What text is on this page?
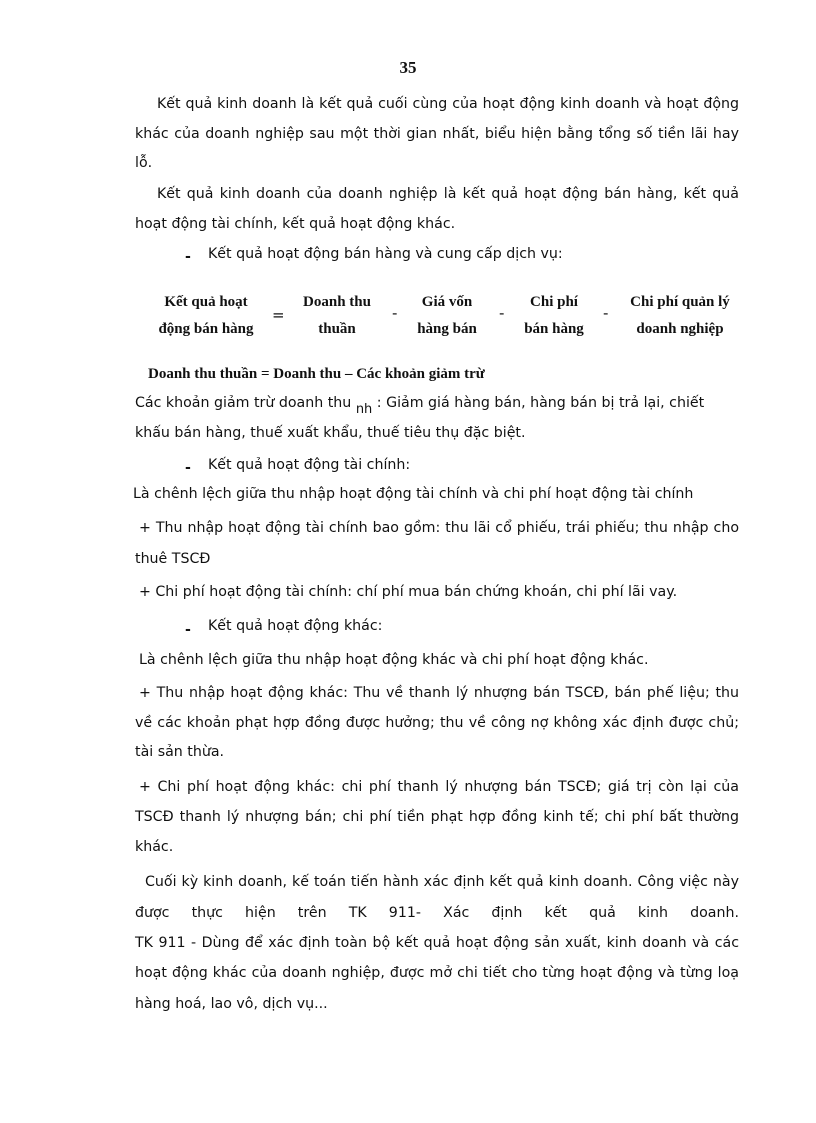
35
Kết quả kinh doanh là kết quả cuối cùng của hoạt động kinh doanh và hoạt động
khác của doanh nghiệp sau một thời gian nhất, biểu hiện bằng tổng số tiền lãi hay
lỗ.
Kết quả kinh doanh của doanh nghiệp là kết quả hoạt động bán hàng, kết quả
hoạt động tài chính, kết quả hoạt động khác.
- Kết quả hoạt động bán hàng và cung cấp dịch vụ:
Kết quả hoạt
động bán hàng
=
Doanh thu
thuần
-
Giá vốn
hàng bán
-
Chi phí
bán hàng
-
Chi phí quản lý
doanh nghiệp
Doanh thu thuần = Doanh thu – Các khoản giảm trừ
Các khoản giảm trừ doanh thu nh : Giảm giá hàng bán, hàng bán bị trả lại, chiết
khấu bán hàng, thuế xuất khẩu, thuế tiêu thụ đặc biệt.
- Kết quả hoạt động tài chính:
Là chênh lệch giữa thu nhập hoạt động tài chính và chi phí hoạt động tài chính
+ Thu nhập hoạt động tài chính bao gồm: thu lãi cổ phiếu, trái phiếu; thu nhập cho
thuê TSCĐ
+ Chi phí hoạt động tài chính: chí phí mua bán chứng khoán, chi phí lãi vay.
- Kết quả hoạt động khác:
Là chênh lệch giữa thu nhập hoạt động khác và chi phí hoạt động khác.
+ Thu nhập hoạt động khác: Thu về thanh lý nhượng bán TSCĐ, bán phế liệu; thu
về các khoản phạt hợp đồng được hưởng; thu về công nợ không xác định được chủ;
tài sản thừa.
+ Chi phí hoạt động khác: chi phí thanh lý nhượng bán TSCĐ; giá trị còn lại của
TSCĐ thanh lý nhượng bán; chi phí tiền phạt hợp đồng kinh tế; chi phí bất thường
khác.
Cuối kỳ kinh doanh, kế toán tiến hành xác định kết quả kinh doanh. Công việc này
được thực hiện trên TK 911- Xác định kết quả kinh doanh.
TK 911 - Dùng để xác định toàn bộ kết quả hoạt động sản xuất, kinh doanh và các
hoạt động khác của doanh nghiệp, được mở chi tiết cho từng hoạt động và từng loạ
hàng hoá, lao vô, dịch vụ...
